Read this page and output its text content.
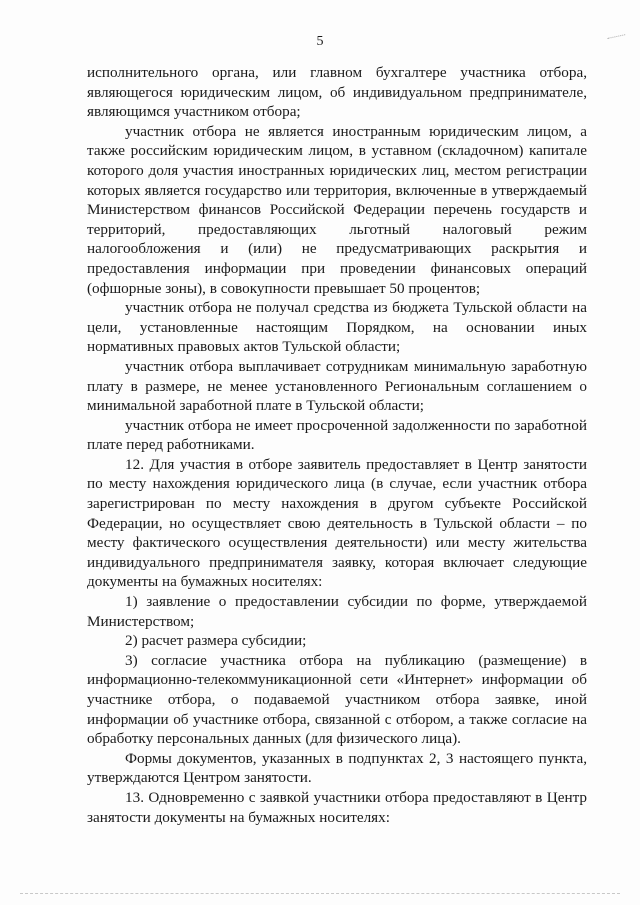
5

исполнительного органа, или главном бухгалтере участника отбора, являющегося юридическим лицом, об индивидуальном предпринимателе, являющимся участником отбора;

участник отбора не является иностранным юридическим лицом, а также российским юридическим лицом, в уставном (складочном) капитале которого доля участия иностранных юридических лиц, местом регистрации которых является государство или территория, включенные в утверждаемый Министерством финансов Российской Федерации перечень государств и территорий, предоставляющих льготный налоговый режим налогообложения и (или) не предусматривающих раскрытия и предоставления информации при проведении финансовых операций (офшорные зоны), в совокупности превышает 50 процентов;

участник отбора не получал средства из бюджета Тульской области на цели, установленные настоящим Порядком, на основании иных нормативных правовых актов Тульской области;

участник отбора выплачивает сотрудникам минимальную заработную плату в размере, не менее установленного Региональным соглашением о минимальной заработной плате в Тульской области;

участник отбора не имеет просроченной задолженности по заработной плате перед работниками.

12. Для участия в отборе заявитель предоставляет в Центр занятости по месту нахождения юридического лица (в случае, если участник отбора зарегистрирован по месту нахождения в другом субъекте Российской Федерации, но осуществляет свою деятельность в Тульской области – по месту фактического осуществления деятельности) или месту жительства индивидуального предпринимателя заявку, которая включает следующие документы на бумажных носителях:

1) заявление о предоставлении субсидии по форме, утверждаемой Министерством;

2) расчет размера субсидии;

3) согласие участника отбора на публикацию (размещение) в информационно-телекоммуникационной сети «Интернет» информации об участнике отбора, о подаваемой участником отбора заявке, иной информации об участнике отбора, связанной с отбором, а также согласие на обработку персональных данных (для физического лица).

Формы документов, указанных в подпунктах 2, 3 настоящего пункта, утверждаются Центром занятости.

13. Одновременно с заявкой участники отбора предоставляют в Центр занятости документы на бумажных носителях:
